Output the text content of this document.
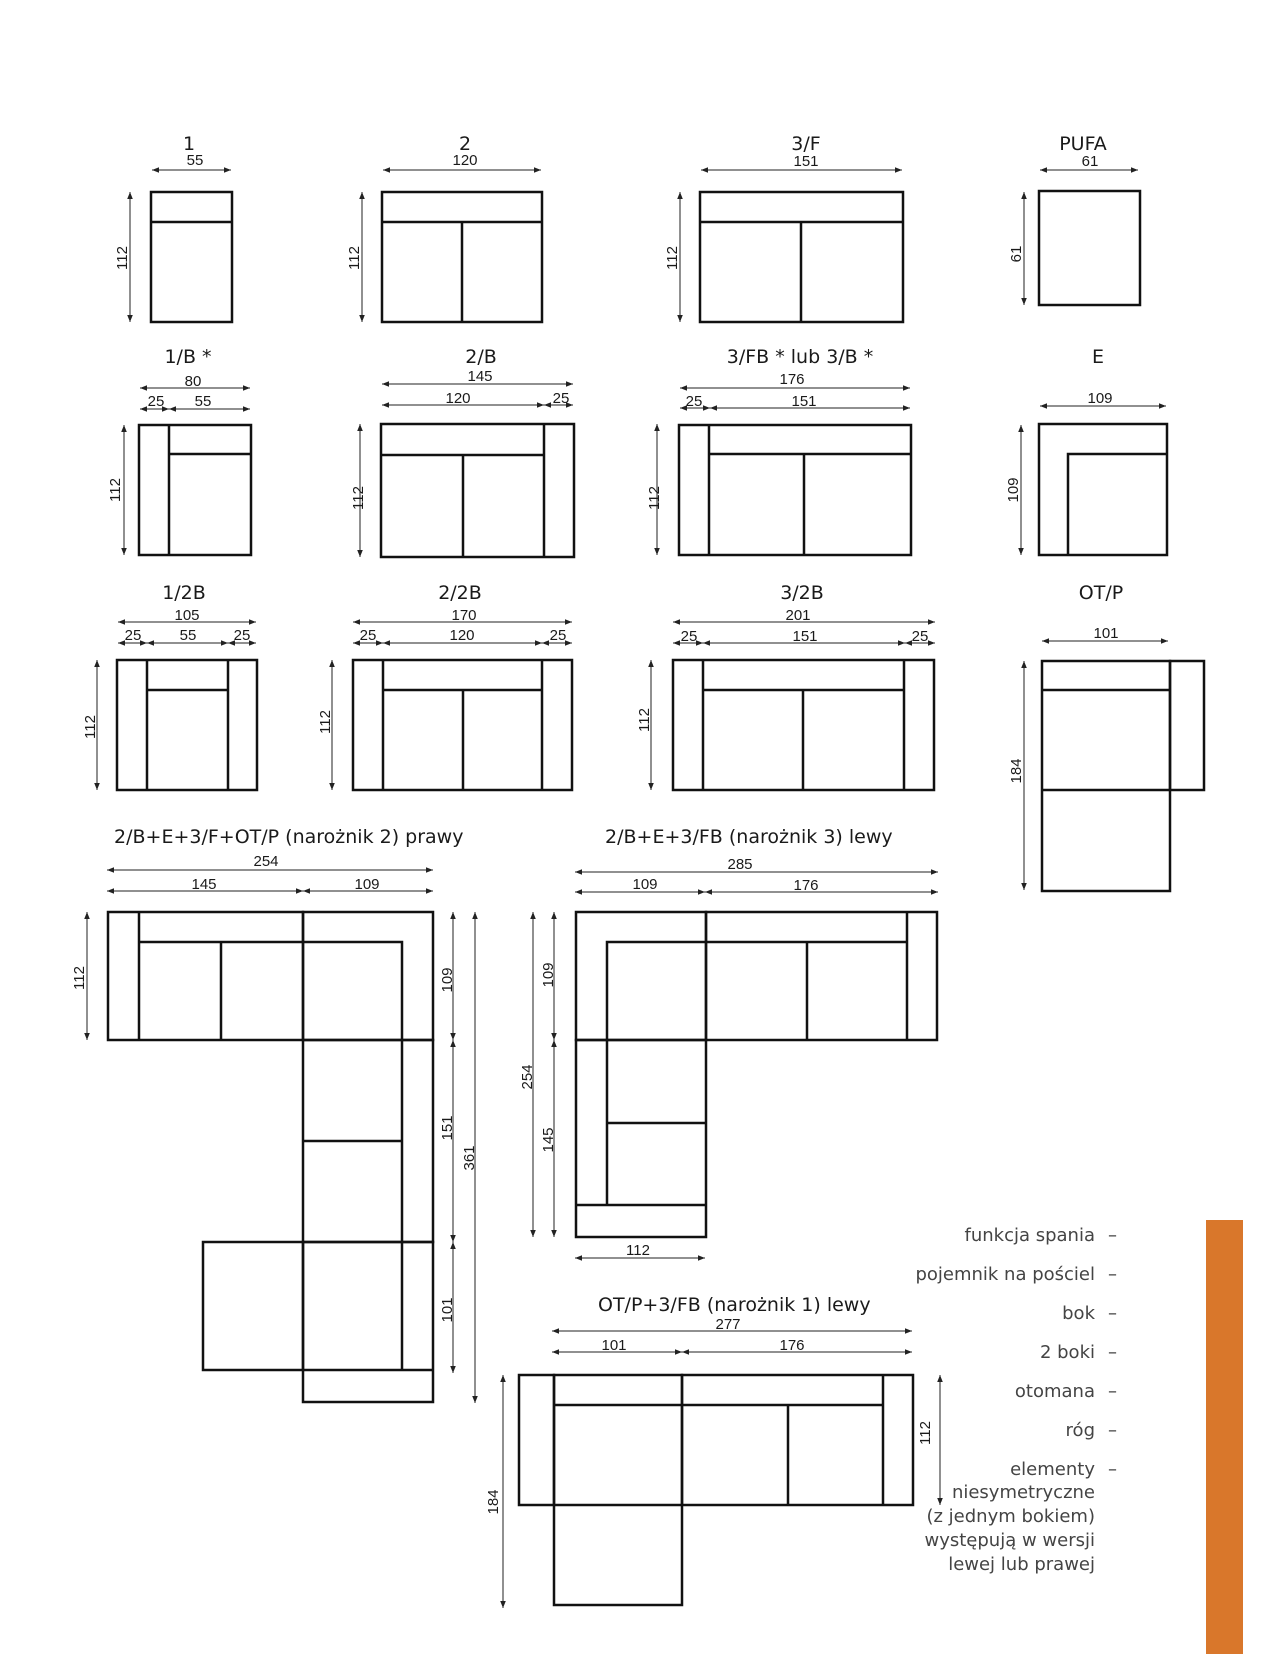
1
55
112
2
120
112
3/F
151
112
PUFA
61
61
1/B *
80
25 55
112
2/B
145
120	25
112
3/FB * lub 3/B *
176
25	151
112
E
109
109
1/2B
105
25	55 25
112
2/2B
170
25	120	25
112
3/2B
201
25	151	25
112
OT/P
101
184
2/B+E+3/F+OT/P (narożnik 2) prawy
254
145	109
112	109
151
361
101
2/B+E+3/FB (narożnik 3) lewy
285
109	176
109
254
145
112
OT/P+3/FB (narożnik 1) lewy
277
101	176
112
184
funkcja spania –	F
pojemnik na pościel –	P
bok –	B
2 boki –	2B
otomana –	OT
róg –	E
elementy –	*
niesymetryczne
(z jednym bokiem)
występują w wersji
lewej lub prawej
